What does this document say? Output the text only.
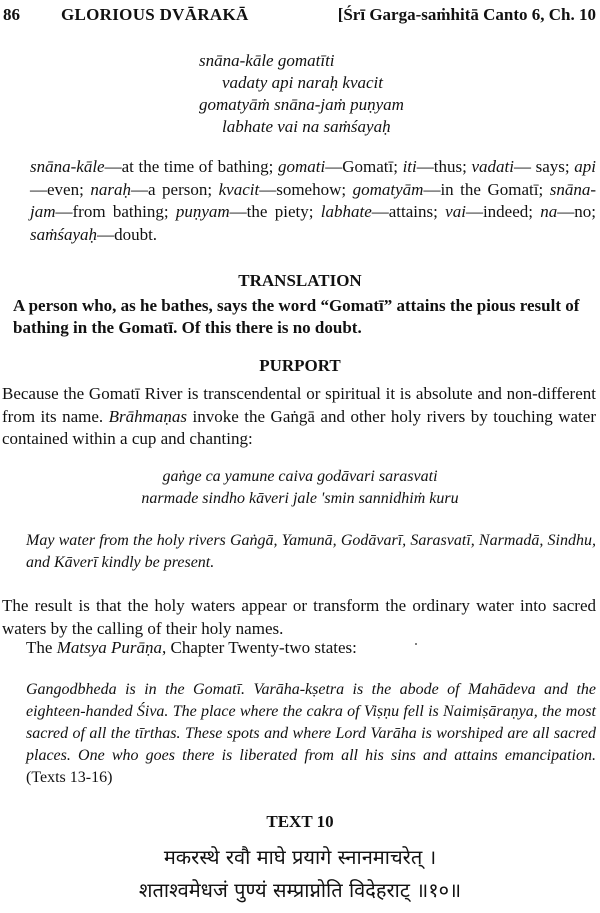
86 GLORIOUS DVĀRAKĀ	[Śrī Garga-saṁhitā Canto 6, Ch. 10
snāna-kāle gomatīti
vadaty api naraḥ kvacit
gomatyāṁ snāna-jaṁ puṇyam
labhate vai na saṁśayaḥ

snāna-kāle—at the time of bathing; gomati—Gomatī; iti—thus; vadati— says; api—even; naraḥ—a person; kvacit—somehow; gomatyām—in the Gomatī; snāna-jam—from bathing; puṇyam—the piety; labhate—attains; vai—indeed; na—no; saṁśayaḥ—doubt.

TRANSLATION
A person who, as he bathes, says the word “Gomatī” attains the pious result of bathing in the Gomatī. Of this there is no doubt.
PURPORT
Because the Gomatī River is transcendental or spiritual it is absolute and non-different from its name. Brāhmaṇas invoke the Gaṅgā and other holy rivers by touching water contained within a cup and chanting:
gaṅge ca yamune caiva godāvari sarasvati
narmade sindho kāveri jale 'smin sannidhiṁ kuru
May water from the holy rivers Gaṅgā, Yamunā, Godāvarī, Sarasvatī, Narmadā, Sindhu, and Kāverī kindly be present.
The result is that the holy waters appear or transform the ordinary water into sacred waters by the calling of their holy names.
The Matsya Purāṇa, Chapter Twenty-two states:
Gangodbheda is in the Gomatī. Varāha-kṣetra is the abode of Mahādeva and the eighteen-handed Śiva. The place where the cakra of Viṣṇu fell is Naimiṣāraṇya, the most sacred of all the tīrthas. These spots and where Lord Varāha is worshiped are all sacred places. One who goes there is liberated from all his sins and attains emancipation. (Texts 13-16)
TEXT 10
मकरस्थे रवौ माघे प्रयागे स्नानमाचरेत् ।
शताश्वमेधजं पुण्यं सम्प्राप्नोति विदेहराट् ॥१०॥
